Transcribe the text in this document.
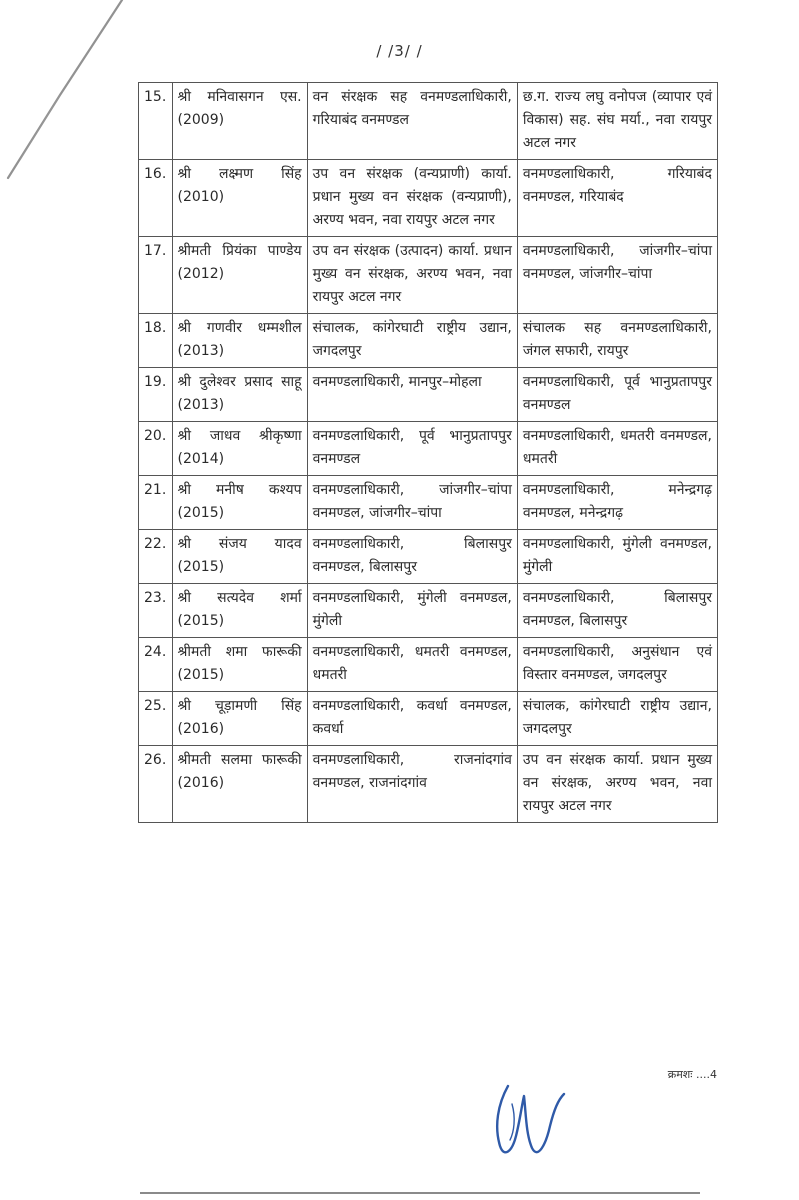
/ /3/ /
15.	श्री मनिवासगन एस. (2009)	वन संरक्षक सह वनमण्डलाधिकारी, गरियाबंद वनमण्डल	छ.ग. राज्य लघु वनोपज (व्यापार एवं विकास) सह. संघ मर्या., नवा रायपुर अटल नगर
16.	श्री लक्ष्मण सिंह (2010)	उप वन संरक्षक (वन्यप्राणी) कार्या. प्रधान मुख्य वन संरक्षक (वन्यप्राणी), अरण्य भवन, नवा रायपुर अटल नगर	वनमण्डलाधिकारी, गरियाबंद वनमण्डल, गरियाबंद
17.	श्रीमती प्रियंका पाण्डेय (2012)	उप वन संरक्षक (उत्पादन) कार्या. प्रधान मुख्य वन संरक्षक, अरण्य भवन, नवा रायपुर अटल नगर	वनमण्डलाधिकारी, जांजगीर–चांपा वनमण्डल, जांजगीर–चांपा
18.	श्री गणवीर धम्मशील (2013)	संचालक, कांगेरघाटी राष्ट्रीय उद्यान, जगदलपुर	संचालक सह वनमण्डलाधिकारी, जंगल सफारी, रायपुर
19.	श्री दुलेश्वर प्रसाद साहू (2013)	वनमण्डलाधिकारी, मानपुर–मोहला	वनमण्डलाधिकारी, पूर्व भानुप्रतापपुर वनमण्डल
20.	श्री जाधव श्रीकृष्णा (2014)	वनमण्डलाधिकारी, पूर्व भानुप्रतापपुर वनमण्डल	वनमण्डलाधिकारी, धमतरी वनमण्डल, धमतरी
21.	श्री मनीष कश्यप (2015)	वनमण्डलाधिकारी, जांजगीर–चांपा वनमण्डल, जांजगीर–चांपा	वनमण्डलाधिकारी, मनेन्द्रगढ़ वनमण्डल, मनेन्द्रगढ़
22.	श्री संजय यादव (2015)	वनमण्डलाधिकारी, बिलासपुर वनमण्डल, बिलासपुर	वनमण्डलाधिकारी, मुंगेली वनमण्डल, मुंगेली
23.	श्री सत्यदेव शर्मा (2015)	वनमण्डलाधिकारी, मुंगेली वनमण्डल, मुंगेली	वनमण्डलाधिकारी, बिलासपुर वनमण्डल, बिलासपुर
24.	श्रीमती शमा फारूकी (2015)	वनमण्डलाधिकारी, धमतरी वनमण्डल, धमतरी	वनमण्डलाधिकारी, अनुसंधान एवं विस्तार वनमण्डल, जगदलपुर
25.	श्री चूड़ामणी सिंह (2016)	वनमण्डलाधिकारी, कवर्धा वनमण्डल, कवर्धा	संचालक, कांगेरघाटी राष्ट्रीय उद्यान, जगदलपुर
26.	श्रीमती सलमा फारूकी (2016)	वनमण्डलाधिकारी, राजनांदगांव वनमण्डल, राजनांदगांव	उप वन संरक्षक कार्या. प्रधान मुख्य वन संरक्षक, अरण्य भवन, नवा रायपुर अटल नगर
क्रमशः ....4
